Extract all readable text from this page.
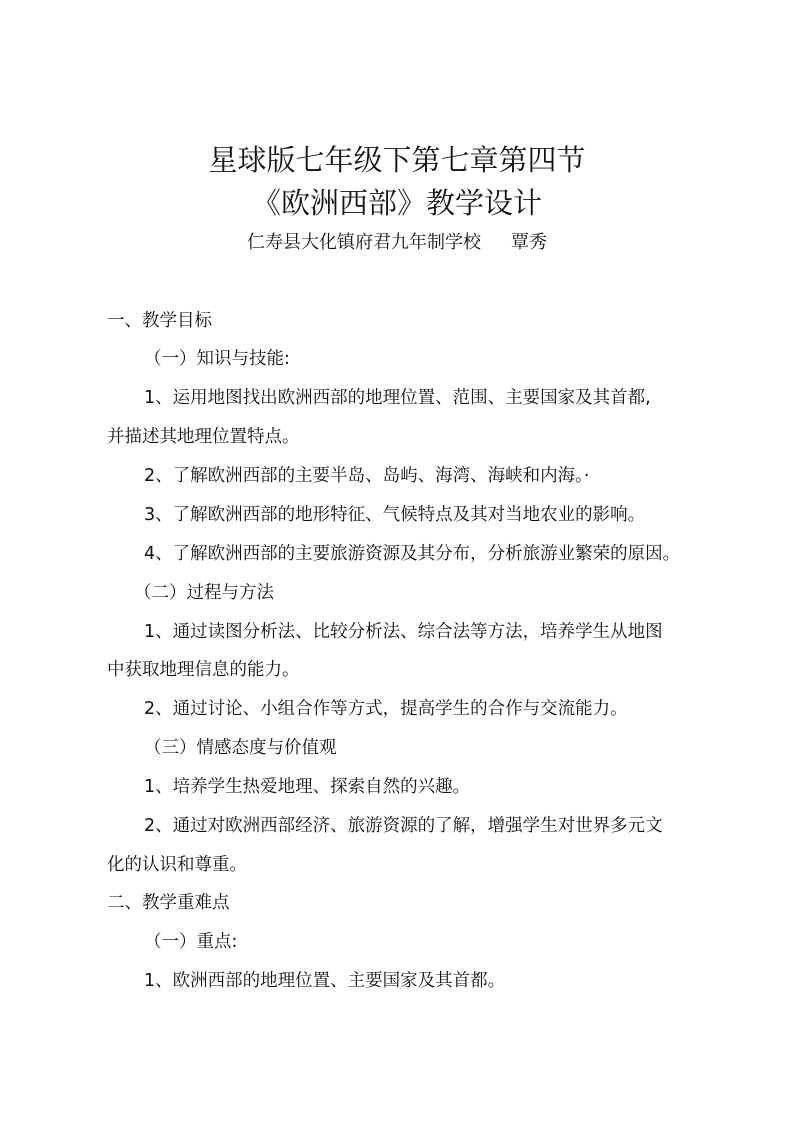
星球版七年级下第七章第四节
《欧洲西部》教学设计
仁寿县大化镇府君九年制学校 覃秀
一、教学目标
（一）知识与技能:
1、运用地图找出欧洲西部的地理位置、范围、主要国家及其首都,
并描述其地理位置特点。
2、了解欧洲西部的主要半岛、岛屿、海湾、海峡和内海。·
3、了解欧洲西部的地形特征、气候特点及其对当地农业的影响。
4、了解欧洲西部的主要旅游资源及其分布，分析旅游业繁荣的原因。
（二）过程与方法
1、通过读图分析法、比较分析法、综合法等方法，培养学生从地图
中获取地理信息的能力。
2、通过讨论、小组合作等方式，提高学生的合作与交流能力。
（三）情感态度与价值观
1、培养学生热爱地理、探索自然的兴趣。
2、通过对欧洲西部经济、旅游资源的了解，增强学生对世界多元文
化的认识和尊重。
二、教学重难点
（一）重点:
1、欧洲西部的地理位置、主要国家及其首都。
